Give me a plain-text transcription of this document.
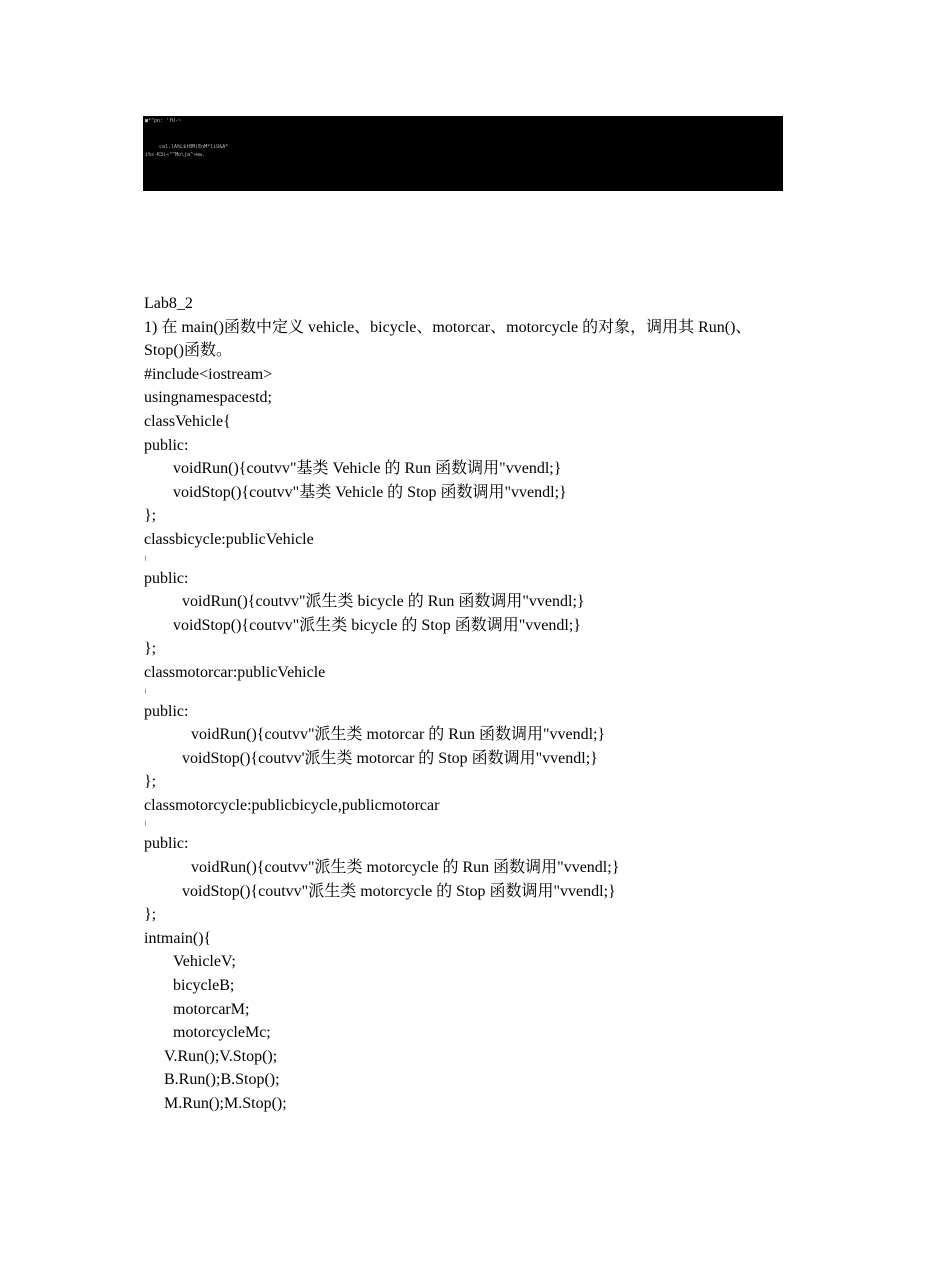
■*"pn: 'fU-~
cal.lA%L$tBM(EnM*liU&A*
i%s-K3i«"^Mo\ja^»ww.
Lab8_2
1) 在 main()函数中定义 vehicle、bicycle、motorcar、motorcycle 的对象，调用其 Run()、Stop()函数。
#include<iostream>
usingnamespacestd;
classVehicle{
public:
voidRun(){coutvv"基类 Vehicle 的 Run 函数调用"vvendl;}
voidStop(){coutvv"基类 Vehicle 的 Stop 函数调用"vvendl;}
};
classbicycle:publicVehicle
{
public:
voidRun(){coutvv"派生类 bicycle 的 Run 函数调用"vvendl;}
voidStop(){coutvv"派生类 bicycle 的 Stop 函数调用"vvendl;}
};
classmotorcar:publicVehicle
{
public:
voidRun(){coutvv"派生类 motorcar 的 Run 函数调用"vvendl;}
voidStop(){coutvv'派生类 motorcar 的 Stop 函数调用"vvendl;}
};
classmotorcycle:publicbicycle,publicmotorcar
{
public:
voidRun(){coutvv"派生类 motorcycle 的 Run 函数调用"vvendl;}
voidStop(){coutvv"派生类 motorcycle 的 Stop 函数调用"vvendl;}
};
intmain(){
VehicleV;
bicycleB;
motorcarM;
motorcycleMc;
V.Run();V.Stop();
B.Run();B.Stop();
M.Run();M.Stop();
